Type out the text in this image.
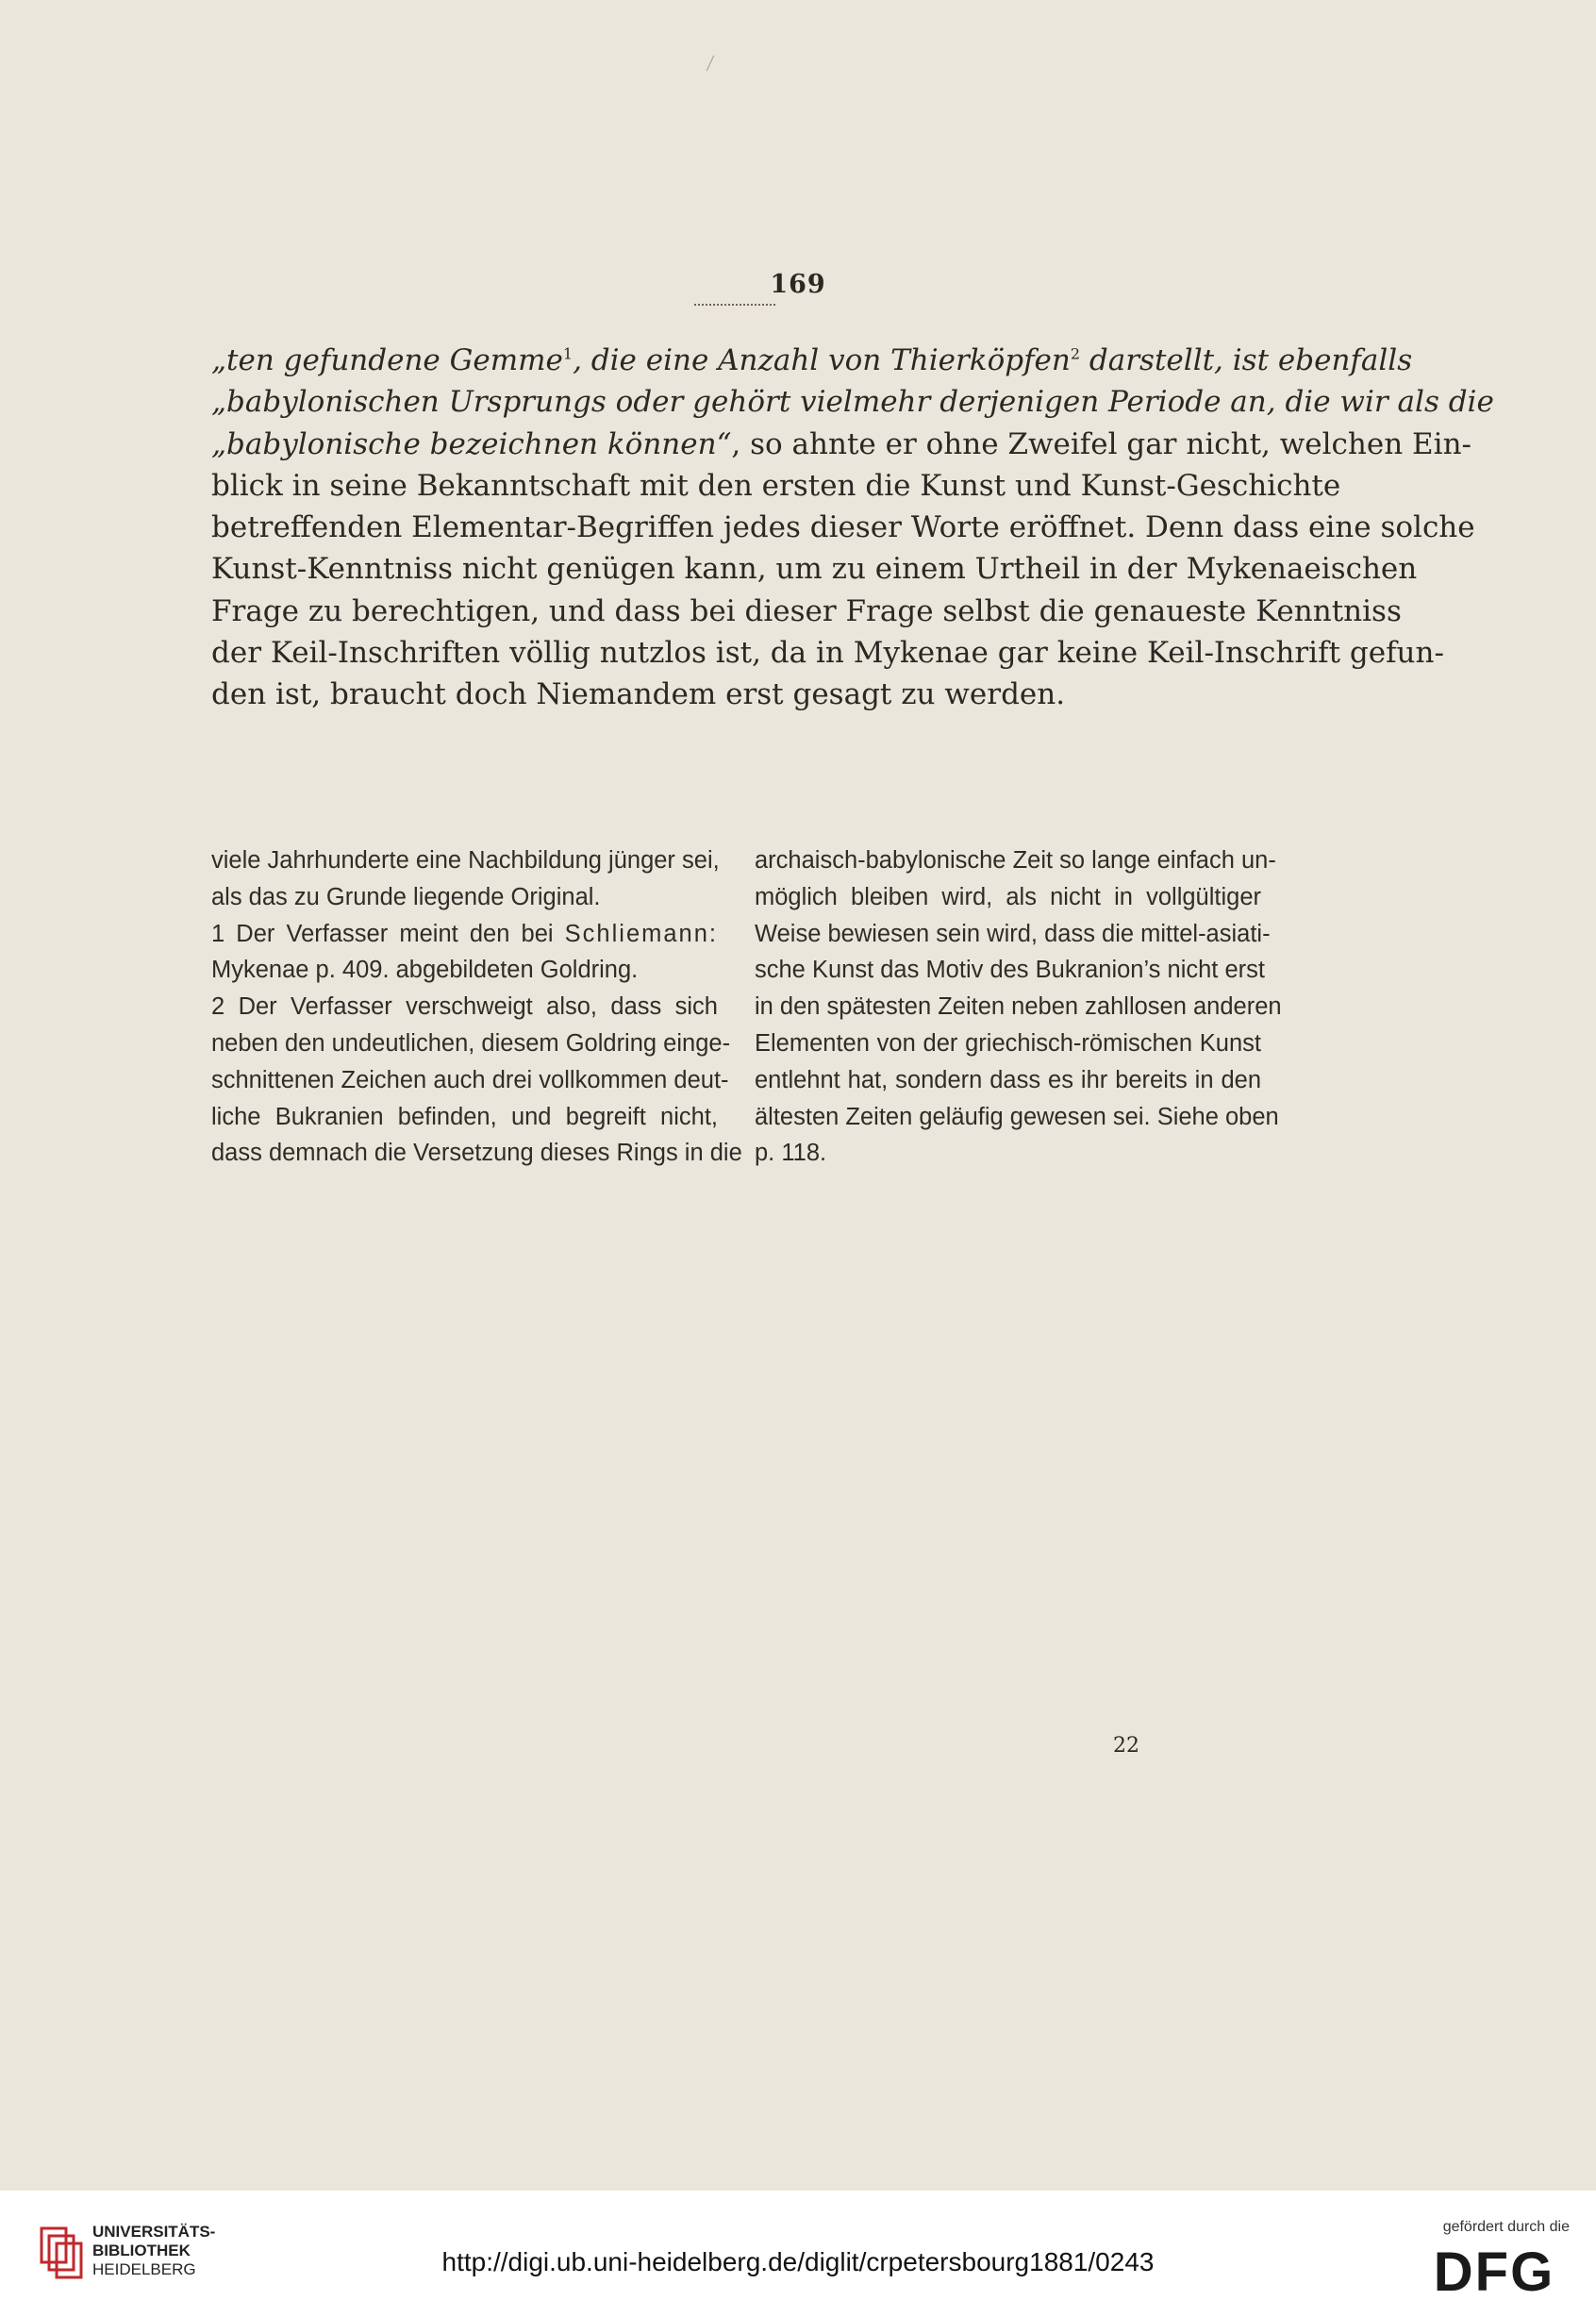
169
„ten gefundene Gemme$^1$, die eine Anzahl von Thierköpfen$^2$ darstellt, ist ebenfalls
„babylonischen Ursprungs oder gehört vielmehr derjenigen Periode an, die wir als die
„babylonische bezeichnen können“, so ahnte er ohne Zweifel gar nicht, welchen Ein-
blick in seine Bekanntschaft mit den ersten die Kunst und Kunst-Geschichte
betreffenden Elementar-Begriffen jedes dieser Worte eröffnet. Denn dass eine solche
Kunst-Kenntniss nicht genügen kann, um zu einem Urtheil in der Mykenaeischen
Frage zu berechtigen, und dass bei dieser Frage selbst die genaueste Kenntniss
der Keil-Inschriften völlig nutzlos ist, da in Mykenae gar keine Keil-Inschrift gefun-
den ist, braucht doch Niemandem erst gesagt zu werden.
viele Jahrhunderte eine Nachbildung jünger sei,
als das zu Grunde liegende Original.
1 Der Verfasser meint den bei Schliemann:
Mykenae p. 409. abgebildeten Goldring.
2 Der Verfasser verschweigt also, dass sich
neben den undeutlichen, diesem Goldring einge-
schnittenen Zeichen auch drei vollkommen deut-
liche Bukranien befinden, und begreift nicht,
dass demnach die Versetzung dieses Rings in die
archaisch-babylonische Zeit so lange einfach un-
möglich bleiben wird, als nicht in vollgültiger
Weise bewiesen sein wird, dass die mittel-asiati-
sche Kunst das Motiv des Bukranion’s nicht erst
in den spätesten Zeiten neben zahllosen anderen
Elementen von der griechisch-römischen Kunst
entlehnt hat, sondern dass es ihr bereits in den
ältesten Zeiten geläufig gewesen sei. Siehe oben
p. 118.
22
UNIVERSITÄTS-
BIBLIOTHEK
HEIDELBERG	http://digi.ub.uni-heidelberg.de/diglit/crpetersbourg1881/0243
gefördert durch die
DFG
